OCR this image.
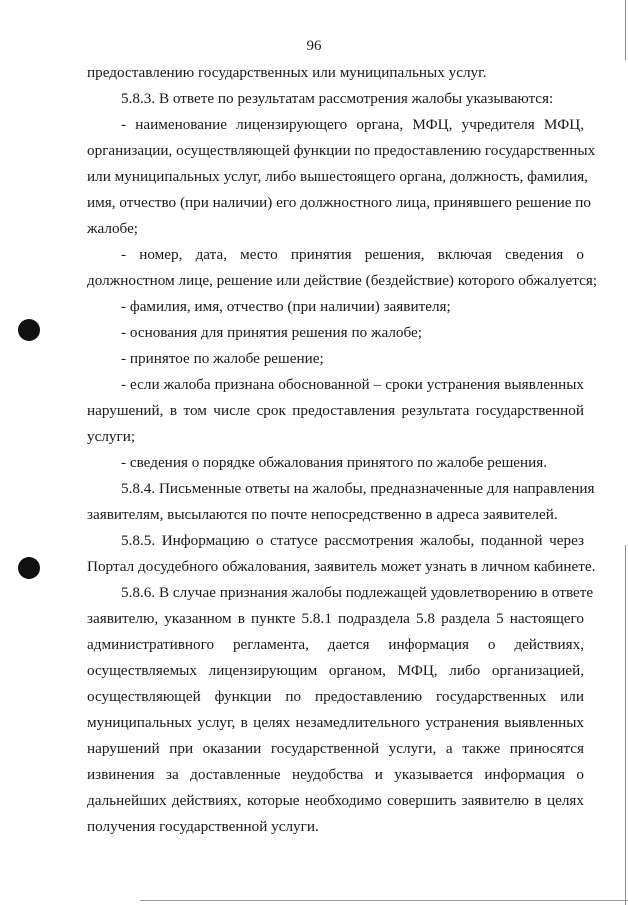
96
предоставлению государственных или муниципальных услуг.
5.8.3. В ответе по результатам рассмотрения жалобы указываются:
- наименование лицензирующего органа, МФЦ, учредителя МФЦ,
организации, осуществляющей функции по предоставлению государственных
или муниципальных услуг, либо вышестоящего органа, должность, фамилия,
имя, отчество (при наличии) его должностного лица, принявшего решение по
жалобе;
- номер, дата, место принятия решения, включая сведения о
должностном лице, решение или действие (бездействие) которого обжалуется;
- фамилия, имя, отчество (при наличии) заявителя;
- основания для принятия решения по жалобе;
- принятое по жалобе решение;
- если жалоба признана обоснованной – сроки устранения выявленных
нарушений, в том числе срок предоставления результата государственной
услуги;
- сведения о порядке обжалования принятого по жалобе решения.
5.8.4. Письменные ответы на жалобы, предназначенные для направления
заявителям, высылаются по почте непосредственно в адреса заявителей.
5.8.5. Информацию о статусе рассмотрения жалобы, поданной через
Портал досудебного обжалования, заявитель может узнать в личном кабинете.
5.8.6. В случае признания жалобы подлежащей удовлетворению в ответе
заявителю, указанном в пункте 5.8.1 подраздела 5.8 раздела 5 настоящего
административного регламента, дается информация о действиях,
осуществляемых лицензирующим органом, МФЦ, либо организацией,
осуществляющей функции по предоставлению государственных или
муниципальных услуг, в целях незамедлительного устранения выявленных
нарушений при оказании государственной услуги, а также приносятся
извинения за доставленные неудобства и указывается информация о
дальнейших действиях, которые необходимо совершить заявителю в целях
получения государственной услуги.
